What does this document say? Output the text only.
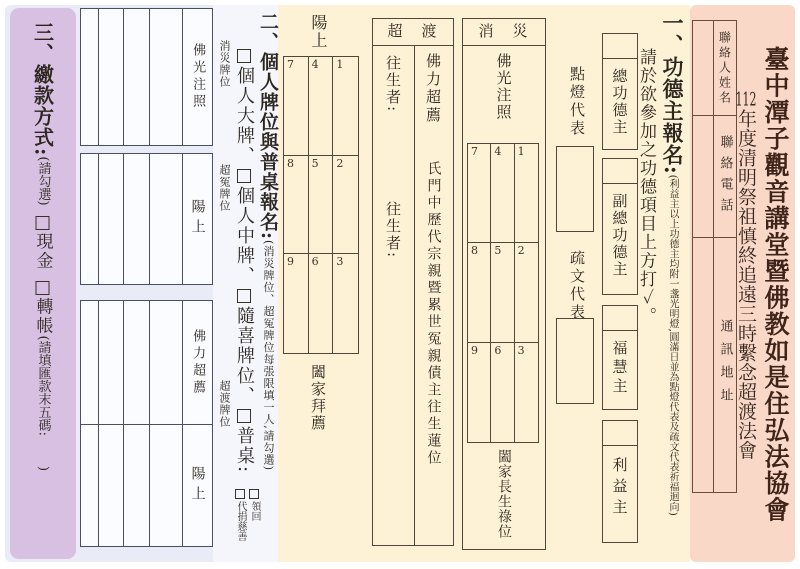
三、繳款方式:(請勾選)現金轉帳(請填匯款末五碼:)
佛光注照
陽上
佛力超薦
陽上
消災牌位
超冤牌位
超渡牌位
個人大牌、個人中牌、隨喜牌位、普桌:
領回
代捐慈善
二、個人牌位與普桌報名:(消災牌位、超冤牌位每張限填一人,請勾選)
陽上
7 4 1
8 5 2
9 6 3
闔家拜薦
超　渡
往生者:
往生者:
佛力超薦
氏門中歷代宗親暨累世冤親債主往生蓮位
消　災
佛光注照
7 4 1
8 5 2
9 6 3
闔家長生祿位
點燈代表
疏文代表
總功德主
副總功德主
福慧主
利益主
請於欲參加之功德項目上方打✓。 一、功德主報名:(利益主以上功德主均附一盞光明燈,圓滿日並為點燈代表及疏文代表祈福迴向)
聯絡人姓名
聯絡電話
通訊地址
112年度清明祭祖慎終追遠三時繫念超渡法會 臺中潭子觀音講堂暨佛教如是住弘法協會
